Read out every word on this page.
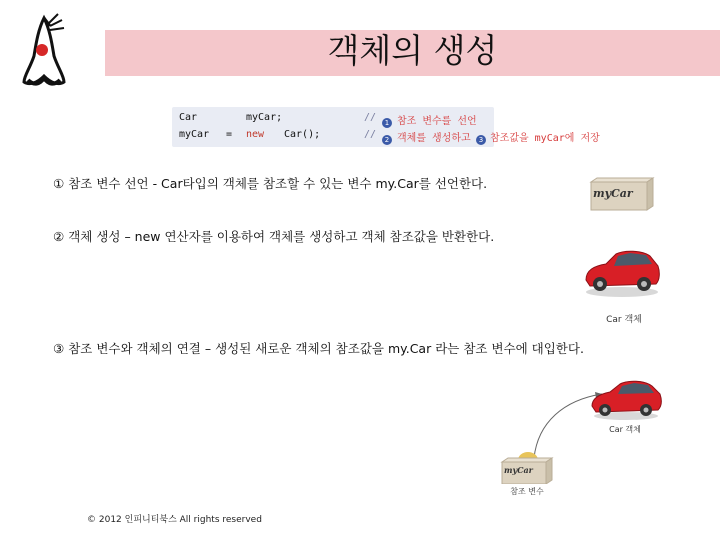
객체의 생성
Car	myCar;	//	1 참조 변수를 선언
myCar = new Car();	//	2 객체를 생성하고	3 참조값을 myCar에 저장
① 참조 변수 선언 - Car타입의 객체를 참조할 수 있는 변수 my.Car를 선언한다.
② 객체 생성 – new 연산자를 이용하여 객체를 생성하고 객체 참조값을 반환한다.
③ 참조 변수와 객체의 연결 – 생성된 새로운 객체의 참조값을 my.Car 라는 참조 변수에 대입한다.
myCar
Car 객체
Car 객체
myCar
참조 변수
© 2012 인피니티북스 All rights reserved
